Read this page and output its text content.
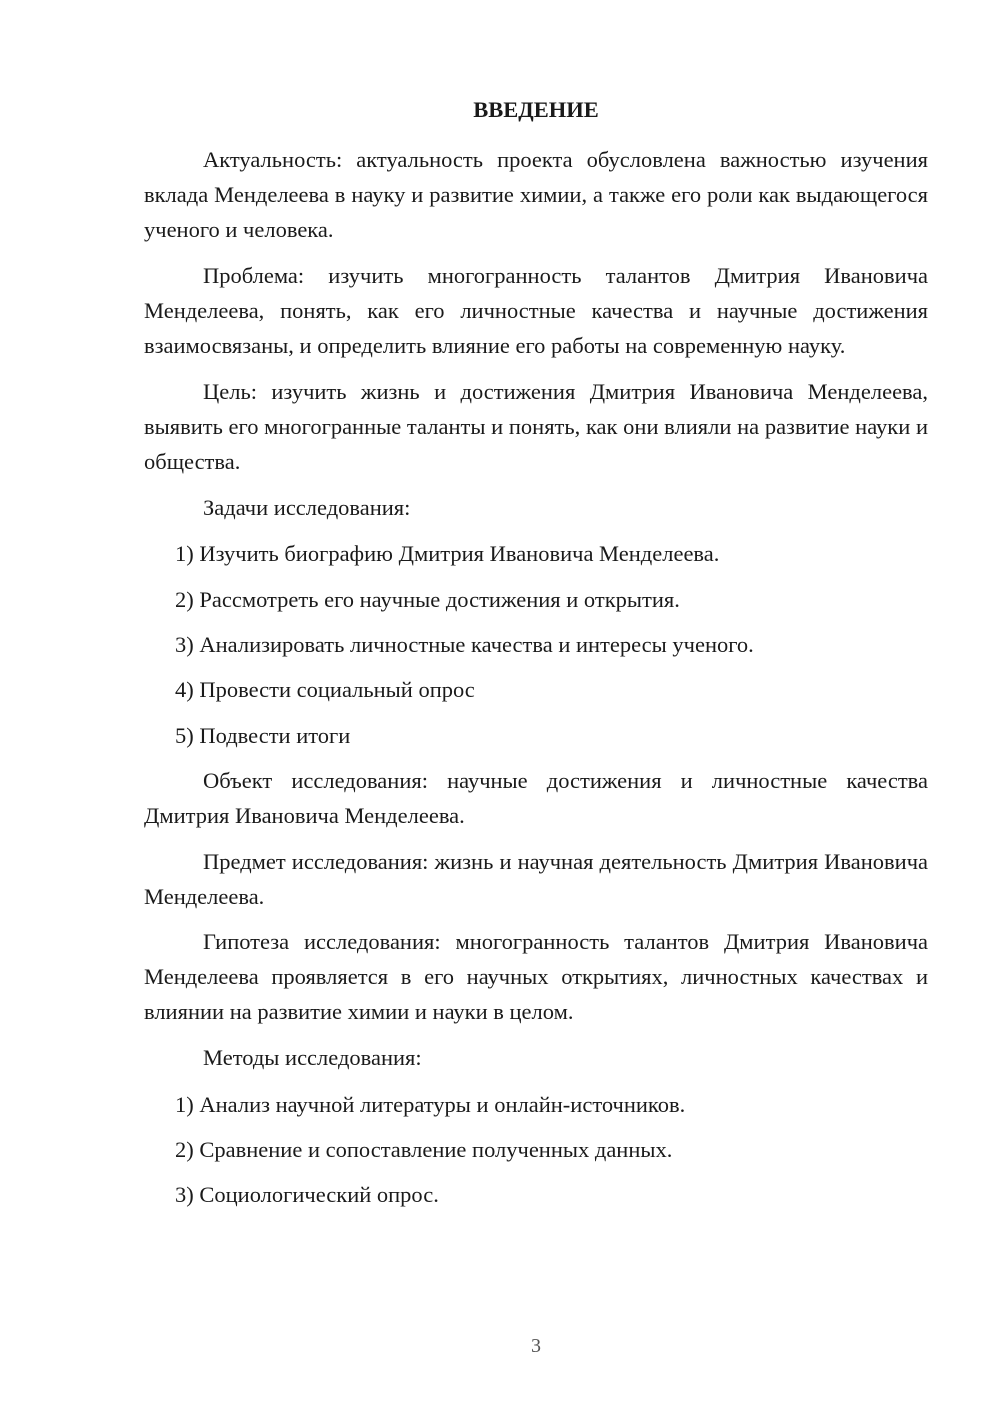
ВВЕДЕНИЕ

Актуальность: актуальность проекта обусловлена важностью изучения вклада Менделеева в науку и развитие химии, а также его роли как выдающегося ученого и человека.

Проблема: изучить многогранность талантов Дмитрия Ивановича Менделеева, понять, как его личностные качества и научные достижения взаимосвязаны, и определить влияние его работы на современную науку.

Цель: изучить жизнь и достижения Дмитрия Ивановича Менделеева, выявить его многогранные таланты и понять, как они влияли на развитие науки и общества.

Задачи исследования:

1) Изучить биографию Дмитрия Ивановича Менделеева.

2) Рассмотреть его научные достижения и открытия.

3) Анализировать личностные качества и интересы ученого.

4) Провести социальный опрос

5) Подвести итоги

Объект исследования: научные достижения и личностные качества Дмитрия Ивановича Менделеева.

Предмет исследования: жизнь и научная деятельность Дмитрия Ивановича Менделеева.

Гипотеза исследования: многогранность талантов Дмитрия Ивановича Менделеева проявляется в его научных открытиях, личностных качествах и влиянии на развитие химии и науки в целом.

Методы исследования:

1) Анализ научной литературы и онлайн-источников.

2) Сравнение и сопоставление полученных данных.

3) Социологический опрос.

3
